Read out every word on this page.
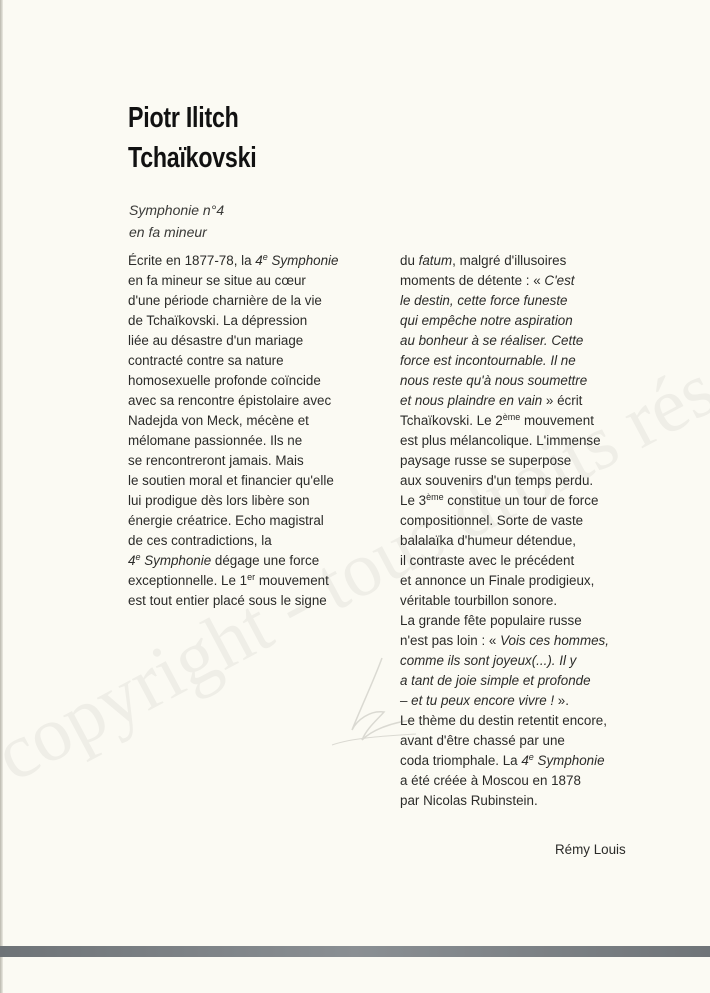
Piotr Ilitch
Tchaïkovski
Symphonie n°4
en fa mineur
Écrite en 1877-78, la 4e Symphonie
en fa mineur se situe au cœur
d'une période charnière de la vie
de Tchaïkovski. La dépression
liée au désastre d'un mariage
contracté contre sa nature
homosexuelle profonde coïncide
avec sa rencontre épistolaire avec
Nadejda von Meck, mécène et
mélomane passionnée. Ils ne
se rencontreront jamais. Mais
le soutien moral et financier qu'elle
lui prodigue dès lors libère son
énergie créatrice. Echo magistral
de ces contradictions, la
4e Symphonie dégage une force
exceptionnelle. Le 1er mouvement
est tout entier placé sous le signe
du fatum, malgré d'illusoires
moments de détente : « C'est
le destin, cette force funeste
qui empêche notre aspiration
au bonheur à se réaliser. Cette
force est incontournable. Il ne
nous reste qu'à nous soumettre
et nous plaindre en vain » écrit
Tchaïkovski. Le 2ème mouvement
est plus mélancolique. L'immense
paysage russe se superpose
aux souvenirs d'un temps perdu.
Le 3ème constitue un tour de force
compositionnel. Sorte de vaste
balalaïka d'humeur détendue,
il contraste avec le précédent
et annonce un Finale prodigieux,
véritable tourbillon sonore.
La grande fête populaire russe
n'est pas loin : « Vois ces hommes,
comme ils sont joyeux(...). Il y
a tant de joie simple et profonde
– et tu peux encore vivre ! ».
Le thème du destin retentit encore,
avant d'être chassé par une
coda triomphale. La 4e Symphonie
a été créée à Moscou en 1878
par Nicolas Rubinstein.
Rémy Louis
